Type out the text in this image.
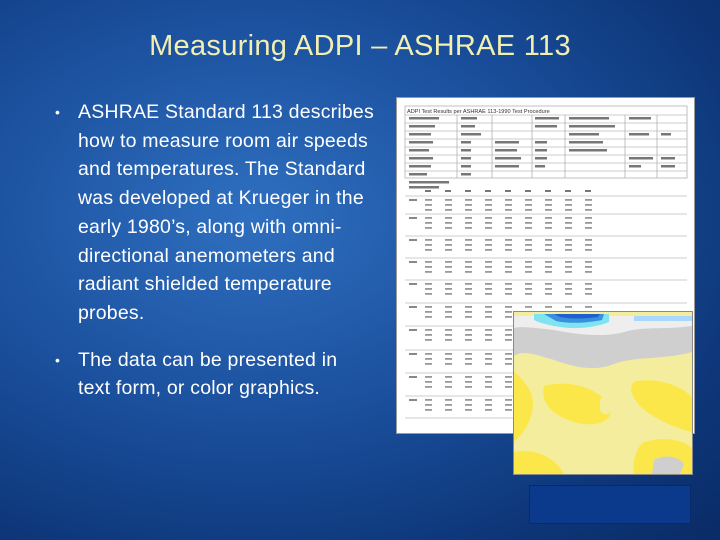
Measuring ADPI – ASHRAE 113
• ASHRAE Standard 113 describes how to measure room air speeds and temperatures. The Standard was developed at Krueger in the early 1980’s, along with omni-directional anemometers and radiant shielded temperature probes.
• The data can be presented in text form, or color graphics.
ADPI Test Results per ASHRAE 113-1990 Test Procedure
